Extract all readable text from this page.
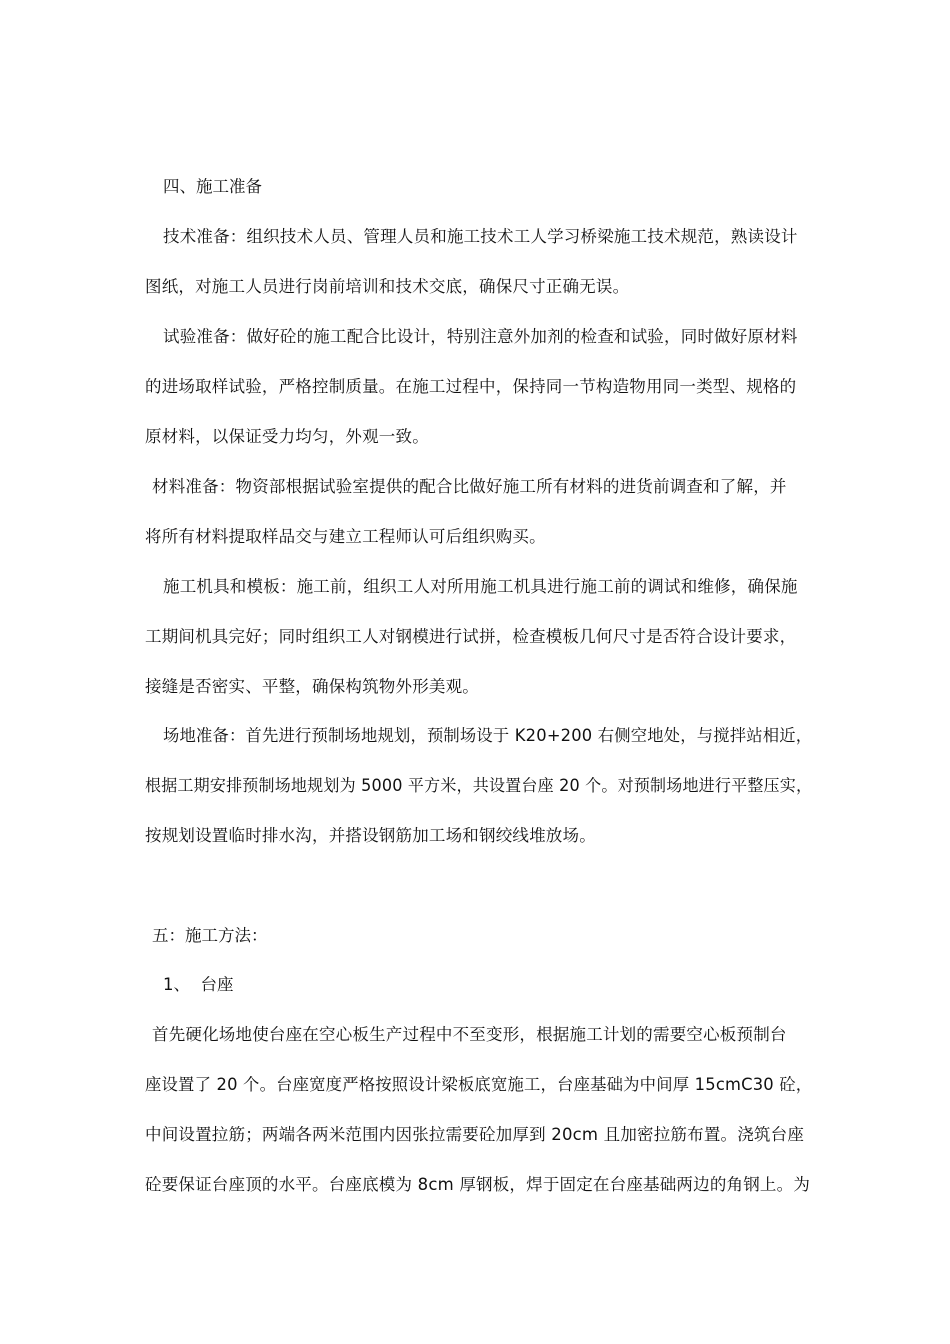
四、施工准备
技术准备：组织技术人员、管理人员和施工技术工人学习桥梁施工技术规范，熟读设计
图纸，对施工人员进行岗前培训和技术交底，确保尺寸正确无误。
试验准备：做好砼的施工配合比设计，特别注意外加剂的检查和试验，同时做好原材料
的进场取样试验，严格控制质量。在施工过程中，保持同一节构造物用同一类型、规格的
原材料，以保证受力均匀，外观一致。
材料准备：物资部根据试验室提供的配合比做好施工所有材料的进货前调查和了解，并
将所有材料提取样品交与建立工程师认可后组织购买。
施工机具和模板：施工前，组织工人对所用施工机具进行施工前的调试和维修，确保施
工期间机具完好；同时组织工人对钢模进行试拼，检查模板几何尺寸是否符合设计要求，
接缝是否密实、平整，确保构筑物外形美观。
场地准备：首先进行预制场地规划，预制场设于 K20+200 右侧空地处，与搅拌站相近，
根据工期安排预制场地规划为 5000 平方米，共设置台座 20 个。对预制场地进行平整压实，
按规划设置临时排水沟，并搭设钢筋加工场和钢绞线堆放场。
五：施工方法：
1、  台座
首先硬化场地使台座在空心板生产过程中不至变形，根据施工计划的需要空心板预制台
座设置了 20 个。台座宽度严格按照设计梁板底宽施工，台座基础为中间厚 15cmC30 砼，
中间设置拉筋；两端各两米范围内因张拉需要砼加厚到 20cm 且加密拉筋布置。浇筑台座
砼要保证台座顶的水平。台座底模为 8cm 厚钢板，焊于固定在台座基础两边的角钢上。为
